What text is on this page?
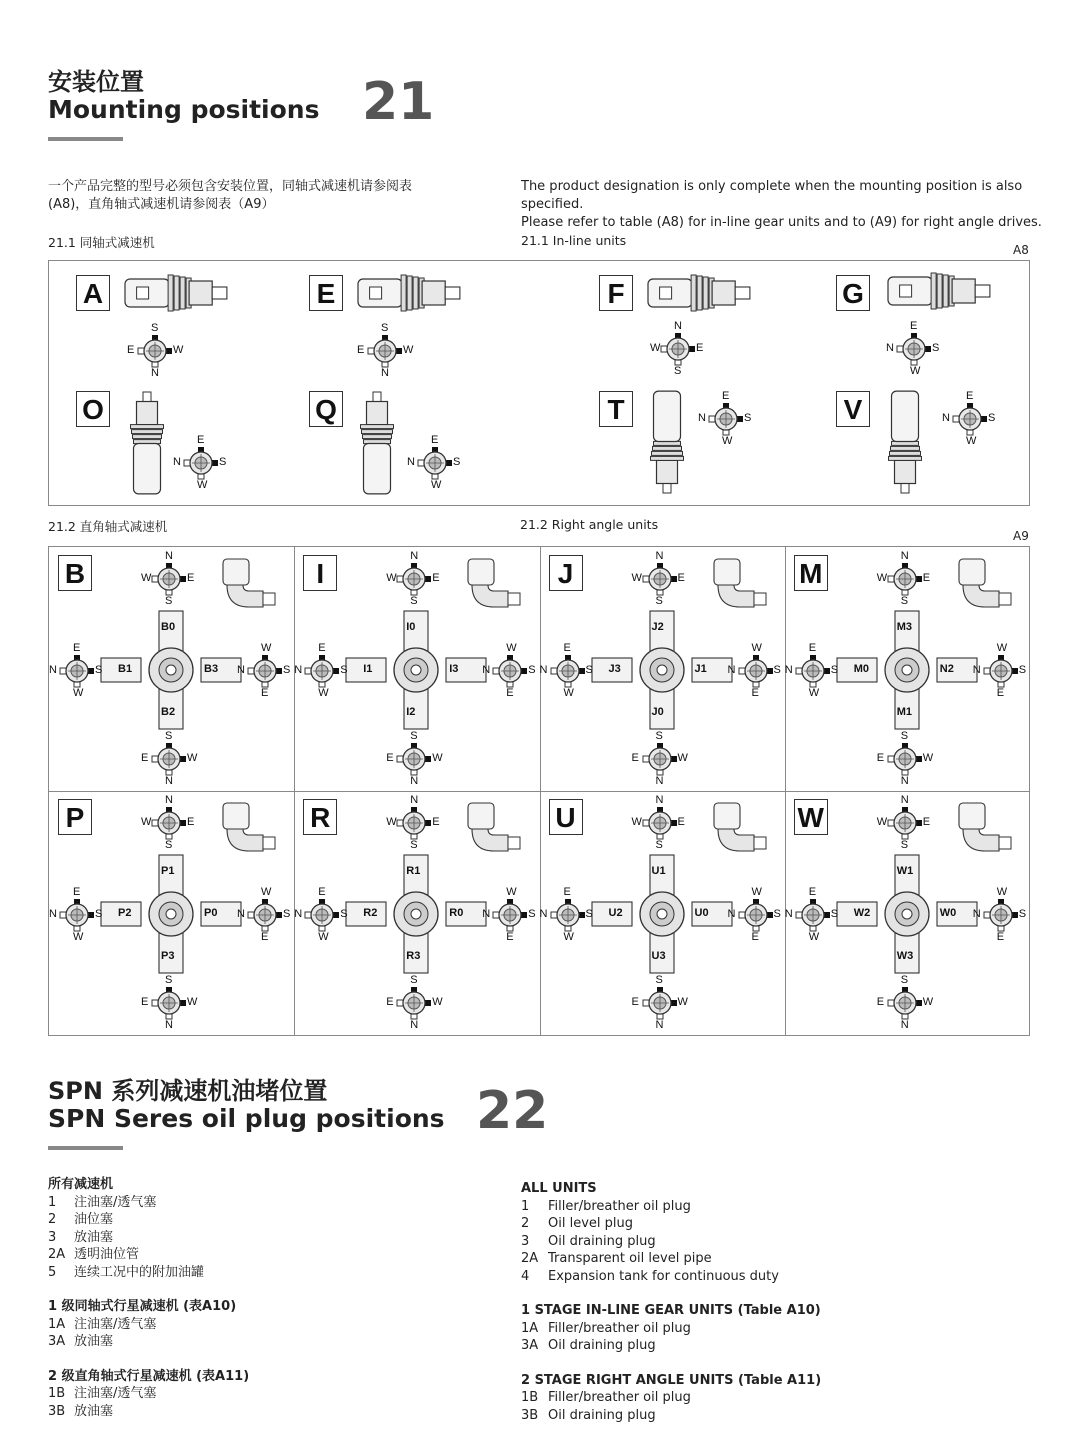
安装位置
Mounting positions 21
一个产品完整的型号必须包含安装位置，同轴式减速机请参阅表
(A8)，直角轴式减速机请参阅表（A9）
The product designation is only complete when the mounting position is also specified.
Please refer to table (A8) for in-line gear units and to (A9) for right angle drives.
21.1 同轴式减速机	21.1 In-line units
A8
A
S
N
E	W
E
S
N
E	W
F
N
S
W	E
G
E
W
N	S
O
E
W
N	S
Q
E
W
N	S
T	E
W
N	S	V	E
W
N	S
21.2 直角轴式减速机	21.2 Right angle units
A9
B
B0
B2
B1	B3
N
S
W	E
E
W
N	S
W
E
N	S
S
N
E	W
I
I0
I2
I1	I3
N
S
W	E
E
W
N	S
W
E
N	S
S
N
E	W
J
J2
J0
J3	J1
N
S
W	E
E
W
N	S
W
E
N	S
S
N
E	W
M
M3
M1
M0	N2
N
S
W	E
E
W
N	S
W
E
N	S
S
N
E	W
P
P1
P3
P2	P0
N
S
W	E
E
W
N	S
W
E
N	S
S
N
E	W
R
R1
R3
R2	R0
N
S
W	E
E
W
N	S
W
E
N	S
S
N
E	W
U
U1
U3
U2	U0
N
S
W	E
E
W
N	S
W
E
N	S
S
N
E	W
W
W1
W3
W2	W0
N
S
W	E
E
W
N	S
W
E
N	S
S
N
E	W
SPN 系列减速机油堵位置
SPN Seres oil plug positions 22
所有减速机
1 注油塞/透气塞
2 油位塞
3 放油塞
2A 透明油位管
5 连续工况中的附加油罐
1 级同轴式行星减速机 (表A10)
1A 注油塞/透气塞
3A 放油塞
2 级直角轴式行星减速机 (表A11)
1B 注油塞/透气塞
3B 放油塞
ALL UNITS
1 Filler/breather oil plug
2 Oil level plug
3 Oil draining plug
2A Transparent oil level pipe
4 Expansion tank for continuous duty
1 STAGE IN-LINE GEAR UNITS (Table A10)
1A Filler/breather oil plug
3A Oil draining plug
2 STAGE RIGHT ANGLE UNITS (Table A11)
1B Filler/breather oil plug
3B Oil draining plug
